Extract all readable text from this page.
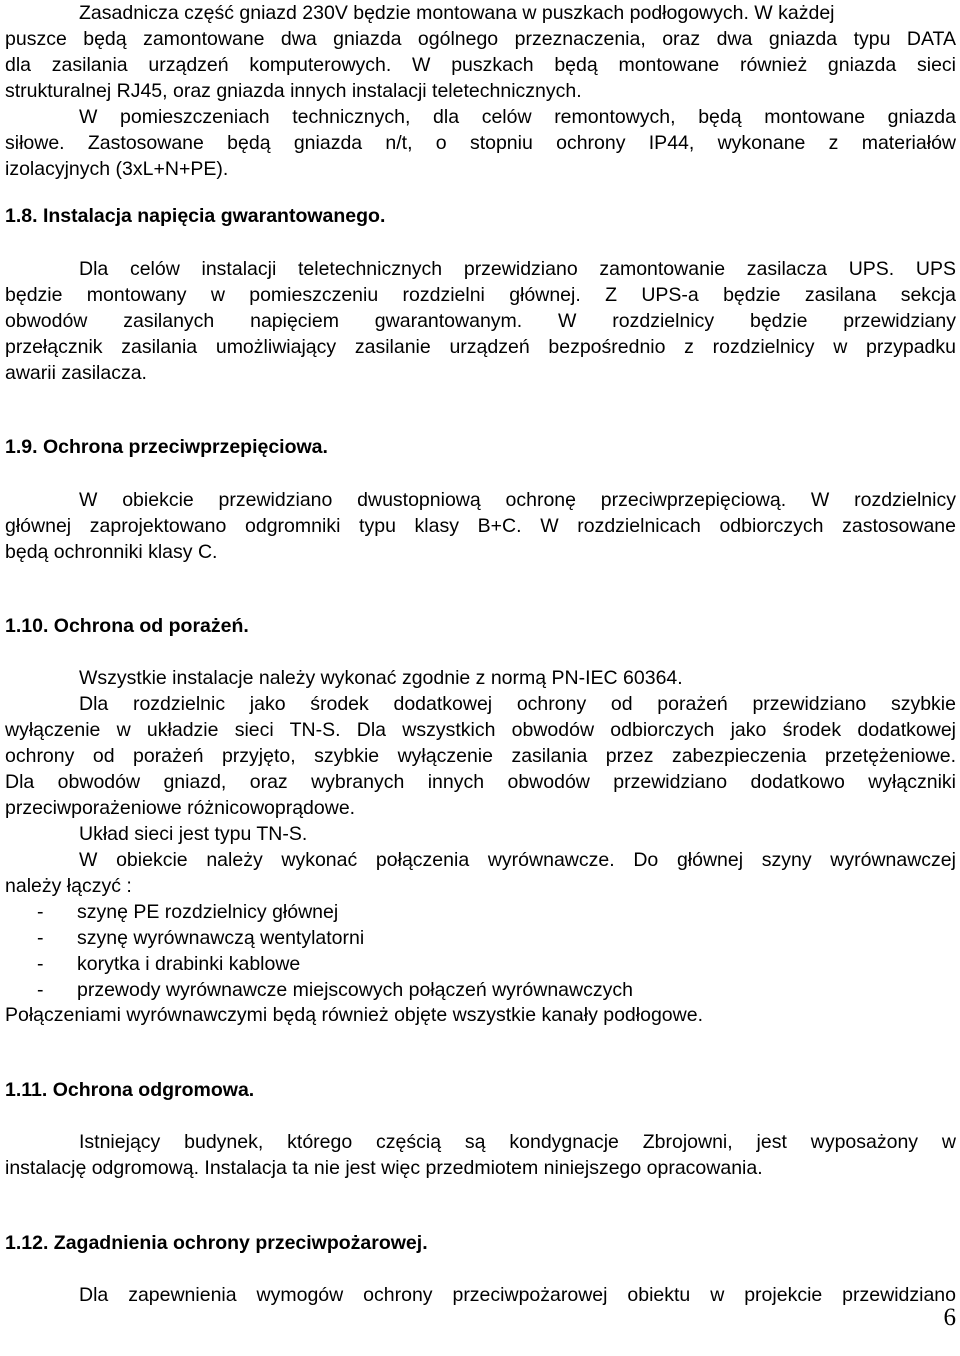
Zasadnicza część gniazd 230V będzie montowana w puszkach podłogowych. W każdej
puszce będą zamontowane dwa gniazda ogólnego przeznaczenia, oraz dwa gniazda typu DATA
dla zasilania urządzeń komputerowych. W puszkach będą montowane również gniazda sieci
strukturalnej RJ45, oraz gniazda innych instalacji teletechnicznych.
W pomieszczeniach technicznych, dla celów remontowych, będą montowane gniazda
siłowe. Zastosowane będą gniazda n/t, o stopniu ochrony IP44, wykonane z materiałów
izolacyjnych (3xL+N+PE).
1.8. Instalacja napięcia gwarantowanego.
Dla celów instalacji teletechnicznych przewidziano zamontowanie zasilacza UPS. UPS
będzie montowany w pomieszczeniu rozdzielni głównej. Z UPS-a będzie zasilana sekcja
obwodów zasilanych napięciem gwarantowanym. W rozdzielnicy będzie przewidziany
przełącznik zasilania umożliwiający zasilanie urządzeń bezpośrednio z rozdzielnicy w przypadku
awarii zasilacza.
1.9. Ochrona przeciwprzepięciowa.
W obiekcie przewidziano dwustopniową ochronę przeciwprzepięciową. W rozdzielnicy
głównej zaprojektowano odgromniki typu klasy B+C. W rozdzielnicach odbiorczych zastosowane
będą ochronniki klasy C.
1.10. Ochrona od porażeń.
Wszystkie instalacje należy wykonać zgodnie z normą PN-IEC 60364.
Dla rozdzielnic jako środek dodatkowej ochrony od porażeń przewidziano szybkie
wyłączenie w układzie sieci TN-S. Dla wszystkich obwodów odbiorczych jako środek dodatkowej
ochrony od porażeń przyjęto, szybkie wyłączenie zasilania przez zabezpieczenia przetężeniowe.
Dla obwodów gniazd, oraz wybranych innych obwodów przewidziano dodatkowo wyłączniki
przeciwporażeniowe różnicowoprądowe.
Układ sieci jest typu TN-S.
W obiekcie należy wykonać połączenia wyrównawcze. Do głównej szyny wyrównawczej
należy łączyć :
- szynę PE rozdzielnicy głównej
- szynę wyrównawczą wentylatorni
- korytka i drabinki kablowe
- przewody wyrównawcze miejscowych połączeń wyrównawczych
Połączeniami wyrównawczymi będą również objęte wszystkie kanały podłogowe.
1.11. Ochrona odgromowa.
Istniejący budynek, którego częścią są kondygnacje Zbrojowni, jest wyposażony w
instalację odgromową. Instalacja ta nie jest więc przedmiotem niniejszego opracowania.
1.12. Zagadnienia ochrony przeciwpożarowej.
Dla zapewnienia wymogów ochrony przeciwpożarowej obiektu w projekcie przewidziano
6
